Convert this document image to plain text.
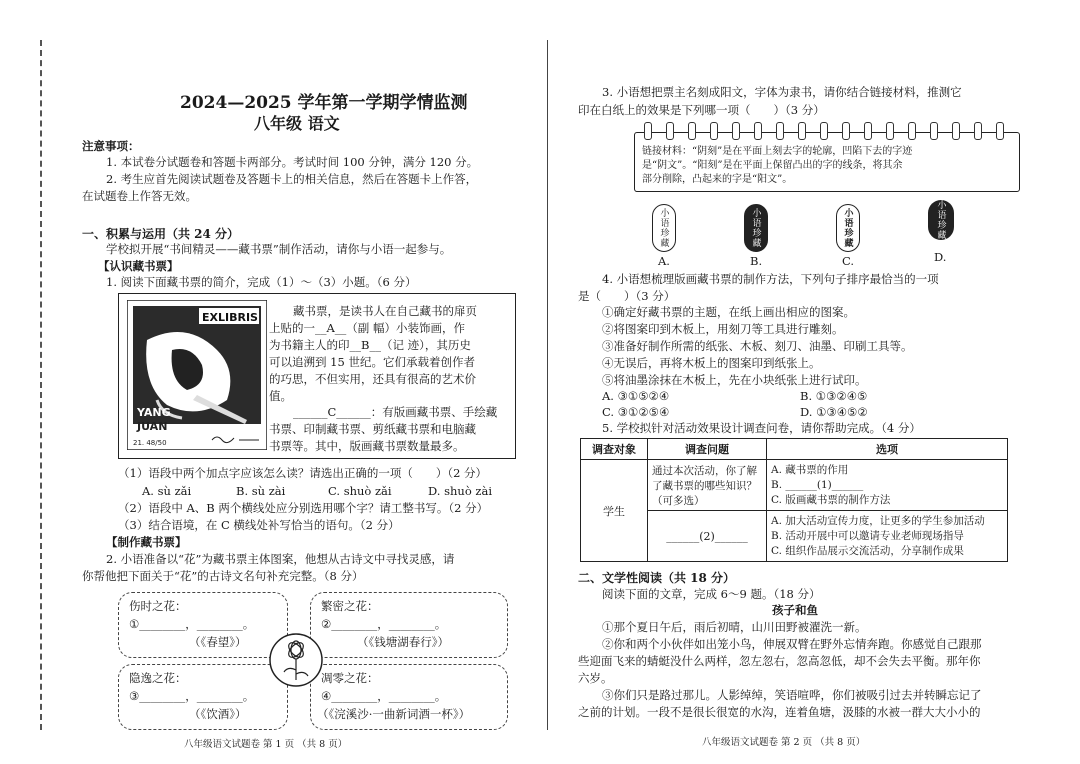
2024—2025 学年第一学期学情监测
八年级 语文
注意事项：
1. 本试卷分试题卷和答题卡两部分。考试时间 100 分钟，满分 120 分。
2. 考生应首先阅读试题卷及答题卡上的相关信息，然后在答题卡上作答，
在试题卷上作答无效。
一、积累与运用（共 24 分）
学校拟开展“书间精灵——藏书票”制作活动，请你与小语一起参与。
【认识藏书票】
1. 阅读下面藏书票的简介，完成（1）～（3）小题。（6 分）
EXLIBRIS
YANG
JUAN
21. 48/50
藏书票，是读书人在自己藏书的扉页
上贴的一__A__（副 幅）小装饰画，作
为书籍主人的印__B__（记 迹），其历史
可以追溯到 15 世纪。它们承载着创作者
的巧思，不但实用，还具有很高的艺术价
值。
______C______：有版画藏书票、手绘藏
书票、印制藏书票、剪纸藏书票和电脑藏
书票等。其中，版画藏书票数量最多。
（1）语段中两个加点字应该怎么读？请选出正确的一项（　　）（2 分）
A. sù zǎi	B. sù zài	C. shuò zǎi	D. shuò zài
（2）语段中 A、B 两个横线处应分别选用哪个字？请工整书写。（2 分）
（3）结合语境，在 C 横线处补写恰当的语句。（2 分）
【制作藏书票】
2. 小语准备以“花”为藏书票主体图案，他想从古诗文中寻找灵感，请
你帮他把下面关于“花”的古诗文名句补充完整。（8 分）
伤时之花：
①________，________。
（《春望》）
繁密之花：
②________，________。
（《钱塘湖春行》）
隐逸之花：
③________，________。
（《饮酒》）
凋零之花：
④________，________。
（《浣溪沙·一曲新词酒一杯》）
八年级语文试题卷 第 1 页 （共 8 页）
3. 小语想把票主名刻成阳文，字体为隶书，请你结合链接材料，推测它
印在白纸上的效果是下列哪一项（　　）（3 分）
链接材料：“阴刻”是在平面上刻去字的轮廓，凹陷下去的字迹
是“阴文”。“阳刻”是在平面上保留凸出的字的线条，将其余
部分削除，凸起来的字是“阳文”。
小语珍藏	小语珍藏	小语珍藏	小语珍藏
A.	B.	C.	D.
4. 小语想梳理版画藏书票的制作方法，下列句子排序最恰当的一项
是（　　）（3 分）
①确定好藏书票的主题，在纸上画出相应的图案。
②将图案印到木板上，用刻刀等工具进行雕刻。
③准备好制作所需的纸张、木板、刻刀、油墨、印刷工具等。
④无误后，再将木板上的图案印到纸张上。
⑤将油墨涂抹在木板上，先在小块纸张上进行试印。
A. ③①⑤②④	B. ①③②④⑤
C. ③①②⑤④	D. ①③④⑤②
5. 学校拟针对活动效果设计调查问卷，请你帮助完成。（4 分）
调查对象	调查问题	选项
学生	通过本次活动，你了解了藏书票的哪些知识？（可多选）	A. 藏书票的作用
B. ______(1)______
C. 版画藏书票的制作方法

	______(2)______	A. 加大活动宣传力度，让更多的学生参加活动
B. 活动开展中可以邀请专业老师现场指导
C. 组织作品展示交流活动，分享制作成果
二、文学性阅读（共 18 分）
阅读下面的文章，完成 6～9 题。（18 分）
孩子和鱼
①那个夏日午后，雨后初晴，山川田野被濯洗一新。
②你和两个小伙伴如出笼小鸟，伸展双臂在野外忘情奔跑。你感觉自己跟那
些迎面飞来的蜻蜓没什么两样，忽左忽右，忽高忽低，却不会失去平衡。那年你
六岁。
③你们只是路过那儿。人影绰绰，笑语喧哗，你们被吸引过去并转瞬忘记了
之前的计划。一段不是很长很宽的水沟，连着鱼塘，汲膝的水被一群大大小小的
八年级语文试题卷 第 2 页 （共 8 页）
